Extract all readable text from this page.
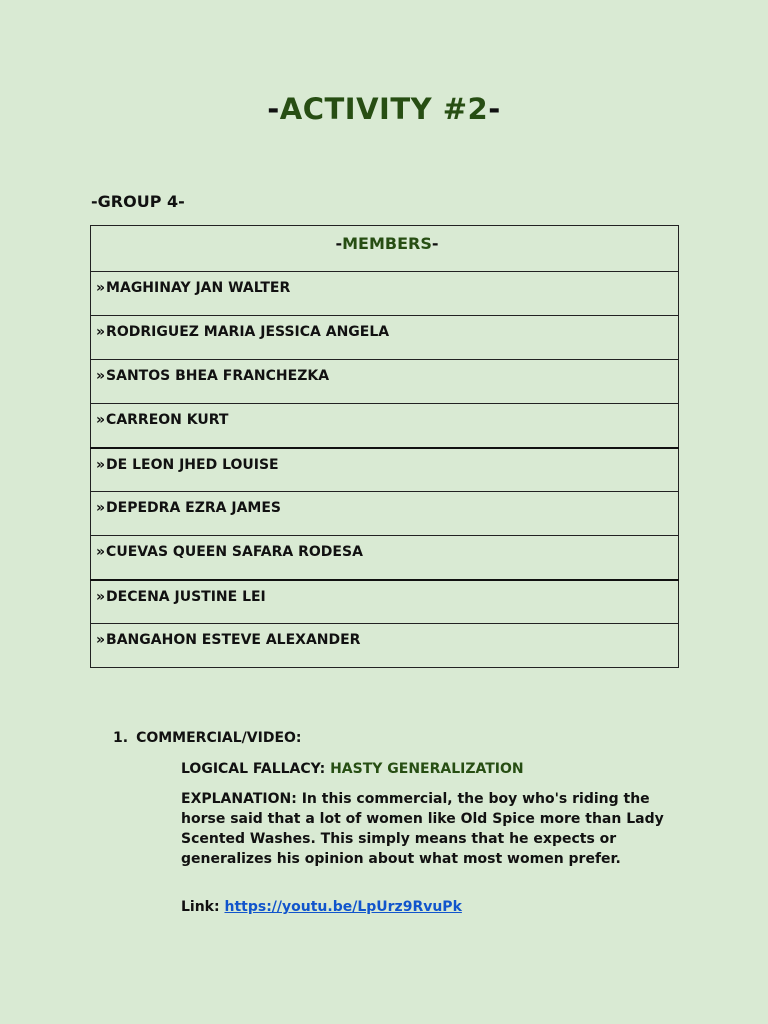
-ACTIVITY #2-
-GROUP 4-
-MEMBERS-
»MAGHINAY JAN WALTER
»RODRIGUEZ MARIA JESSICA ANGELA
»SANTOS BHEA FRANCHEZKA
»CARREON KURT
»DE LEON JHED LOUISE
»DEPEDRA EZRA JAMES
»CUEVAS QUEEN SAFARA RODESA
»DECENA JUSTINE LEI
»BANGAHON ESTEVE ALEXANDER

1. COMMERCIAL/VIDEO:

LOGICAL FALLACY: HASTY GENERALIZATION
EXPLANATION: In this commercial, the boy who's riding the horse said that a lot of women like Old Spice more than Lady Scented Washes. This simply means that he expects or generalizes his opinion about what most women prefer.
Link: https://youtu.be/LpUrz9RvuPk
